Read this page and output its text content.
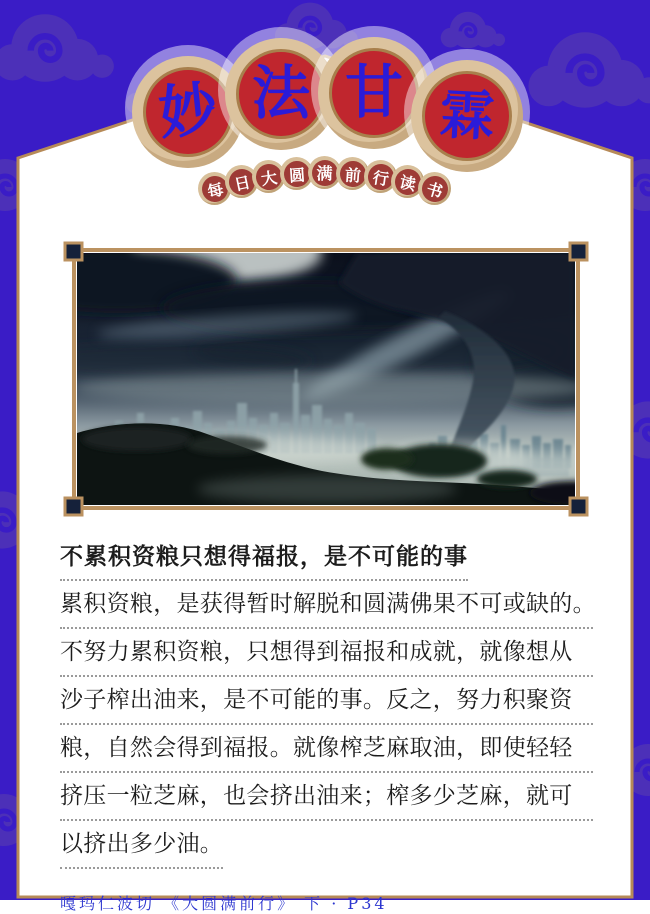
妙 法 甘 霖
每 日 大 圆 满 前 行 读 书
不累积资粮只想得福报，是不可能的事
累积资粮，是获得暂时解脱和圆满佛果不可或缺的。
不努力累积资粮，只想得到福报和成就，就像想从
沙子榨出油来，是不可能的事。反之，努力积聚资
粮，自然会得到福报。就像榨芝麻取油，即使轻轻
挤压一粒芝麻，也会挤出油来；榨多少芝麻，就可
以挤出多少油。
嘎玛仁波切 《大圆满前行》 下 · P34
